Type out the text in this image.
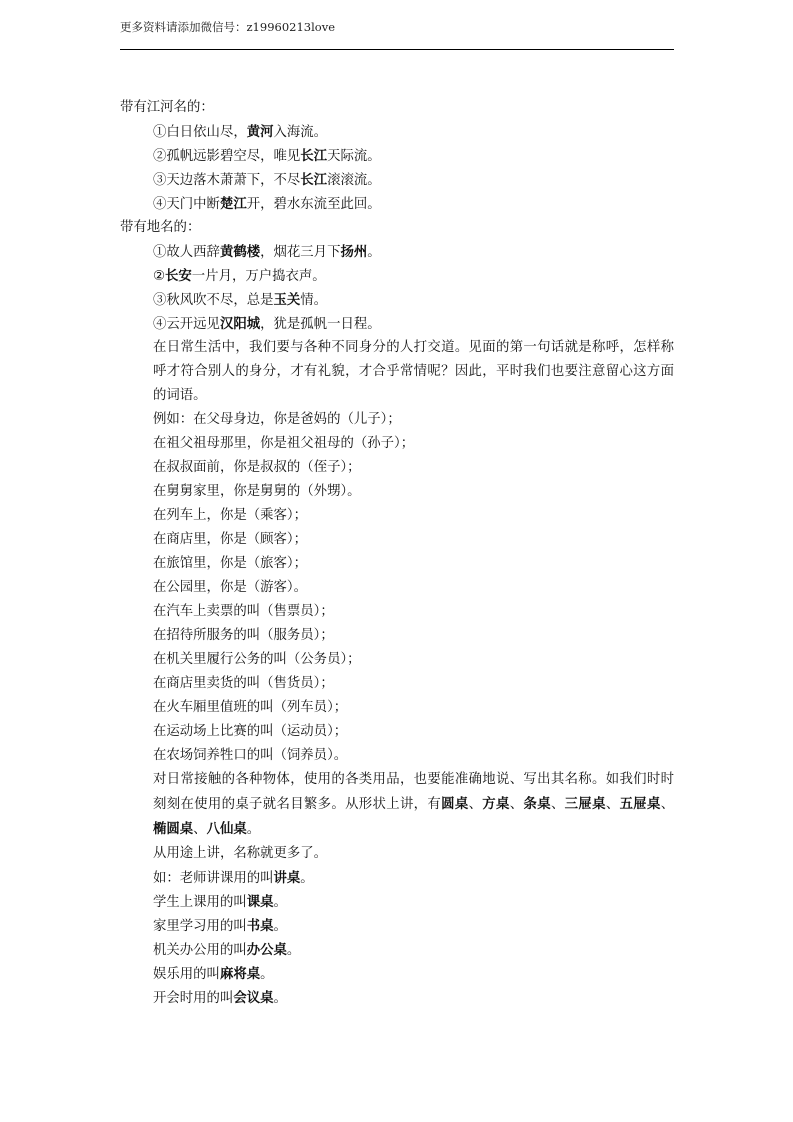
更多资料请添加微信号：z19960213love
带有江河名的：
①白日依山尽，黄河入海流。
②孤帆远影碧空尽，唯见长江天际流。
③天边落木萧萧下，不尽长江滚滚流。
④天门中断楚江开，碧水东流至此回。
带有地名的：
①故人西辞黄鹤楼，烟花三月下扬州。
②长安一片月，万户捣衣声。
③秋风吹不尽，总是玉关情。
④云开远见汉阳城，犹是孤帆一日程。
在日常生活中，我们要与各种不同身分的人打交道。见面的第一句话就是称呼，怎样称呼才符合别人的身分，才有礼貌，才合乎常情呢？因此，平时我们也要注意留心这方面的词语。
例如：在父母身边，你是爸妈的（儿子）；
在祖父祖母那里，你是祖父祖母的（孙子）；
在叔叔面前，你是叔叔的（侄子）；
在舅舅家里，你是舅舅的（外甥）。
在列车上，你是（乘客）；
在商店里，你是（顾客）；
在旅馆里，你是（旅客）；
在公园里，你是（游客）。
在汽车上卖票的叫（售票员）；
在招待所服务的叫（服务员）；
在机关里履行公务的叫（公务员）；
在商店里卖货的叫（售货员）；
在火车厢里值班的叫（列车员）；
在运动场上比赛的叫（运动员）；
在农场饲养牲口的叫（饲养员）。
对日常接触的各种物体，使用的各类用品，也要能准确地说、写出其名称。如我们时时刻刻在使用的桌子就名目繁多。从形状上讲，有圆桌、方桌、条桌、三屉桌、五屉桌、椭圆桌、八仙桌。
从用途上讲，名称就更多了。
如：老师讲课用的叫讲桌。
学生上课用的叫课桌。
家里学习用的叫书桌。
机关办公用的叫办公桌。
娱乐用的叫麻将桌。
开会时用的叫会议桌。
